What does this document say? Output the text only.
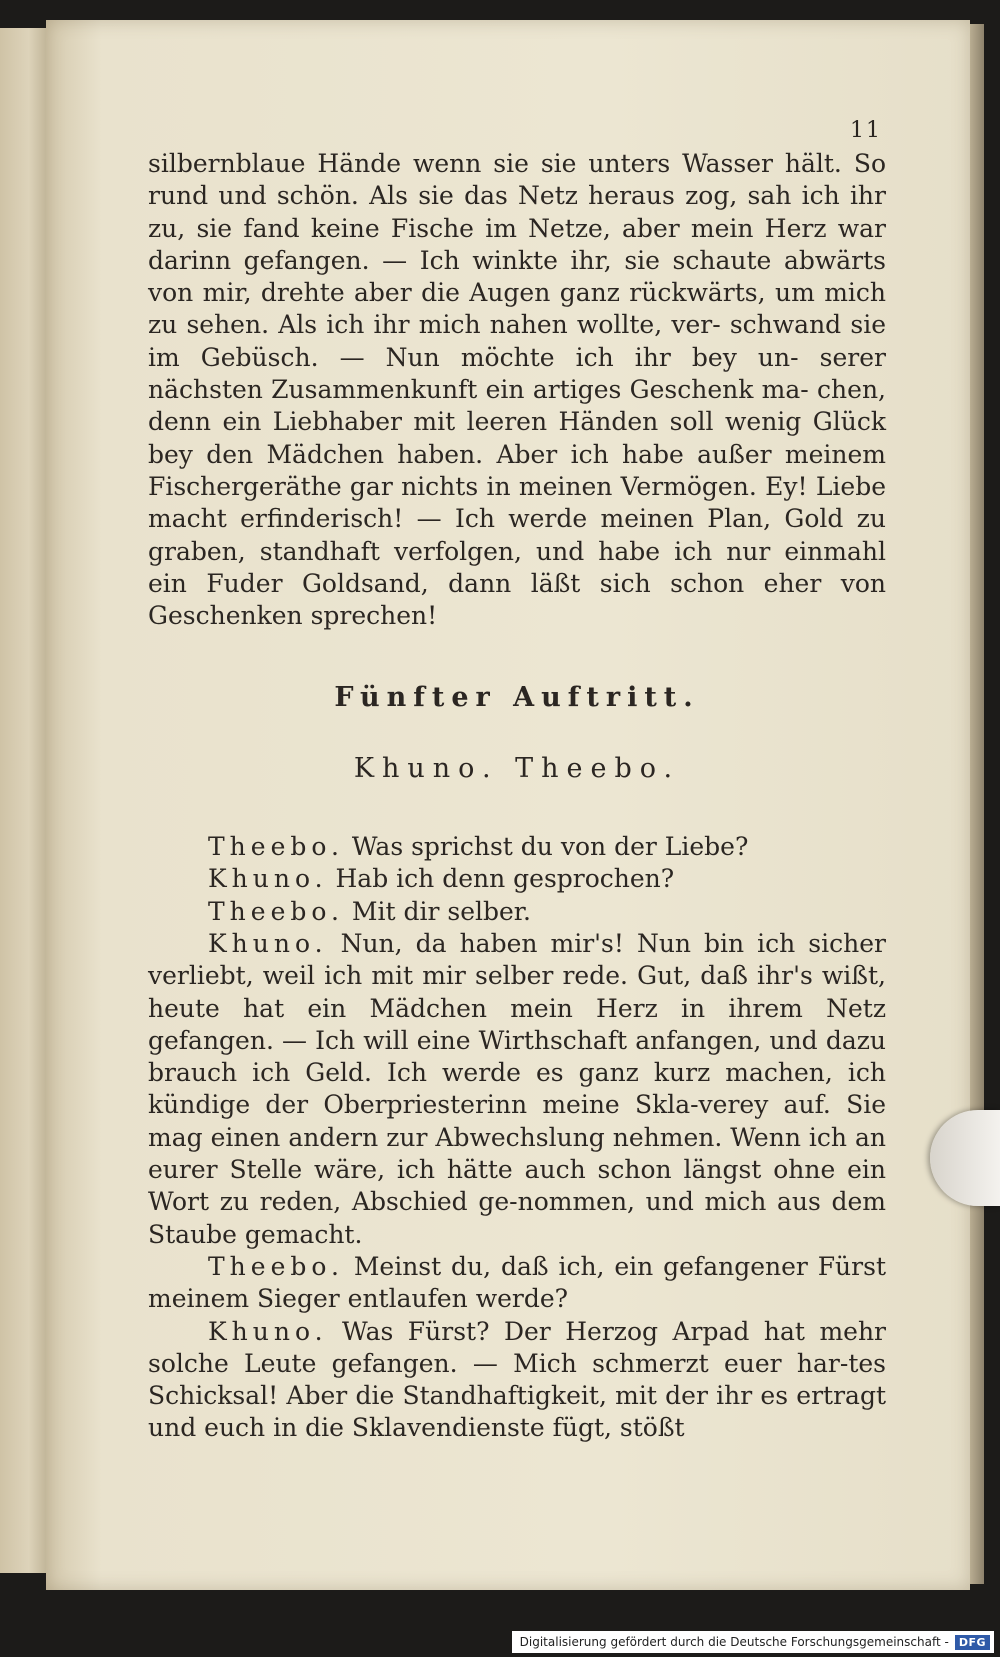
11

silbernblaue Hände wenn sie sie unters Wasser hält. So rund und schön. Als sie das Netz heraus zog, sah ich ihr zu, sie fand keine Fische im Netze, aber mein Herz war darinn gefangen. — Ich winkte ihr, sie schaute abwärts von mir, drehte aber die Augen ganz rückwärts, um mich zu sehen. Als ich ihr mich nahen wollte, ver- schwand sie im Gebüsch. — Nun möchte ich ihr bey un- serer nächsten Zusammenkunft ein artiges Geschenk ma- chen, denn ein Liebhaber mit leeren Händen soll wenig Glück bey den Mädchen haben. Aber ich habe außer meinem Fischergeräthe gar nichts in meinen Vermögen. Ey! Liebe macht erfinderisch! — Ich werde meinen Plan, Gold zu graben, standhaft verfolgen, und habe ich nur einmahl ein Fuder Goldsand, dann läßt sich schon eher von Geschenken sprechen!

Fünfter Auftritt.

Khuno. Theebo.

Theebo. Was sprichst du von der Liebe?

Khuno. Hab ich denn gesprochen?

Theebo. Mit dir selber.

Khuno. Nun, da haben mir's! Nun bin ich sicher verliebt, weil ich mit mir selber rede. Gut, daß ihr's wißt, heute hat ein Mädchen mein Herz in ihrem Netz gefangen. — Ich will eine Wirthschaft anfangen, und dazu brauch ich Geld. Ich werde es ganz kurz machen, ich kündige der Oberpriesterinn meine Skla-verey auf. Sie mag einen andern zur Abwechslung nehmen. Wenn ich an eurer Stelle wäre, ich hätte auch schon längst ohne ein Wort zu reden, Abschied ge-nommen, und mich aus dem Staube gemacht.

Theebo. Meinst du, daß ich, ein gefangener Fürst meinem Sieger entlaufen werde?

Khuno. Was Fürst? Der Herzog Arpad hat mehr solche Leute gefangen. — Mich schmerzt euer har-tes Schicksal! Aber die Standhaftigkeit, mit der ihr es ertragt und euch in die Sklavendienste fügt, stößt

Digitalisierung gefördert durch die Deutsche Forschungsgemeinschaft - DFG
